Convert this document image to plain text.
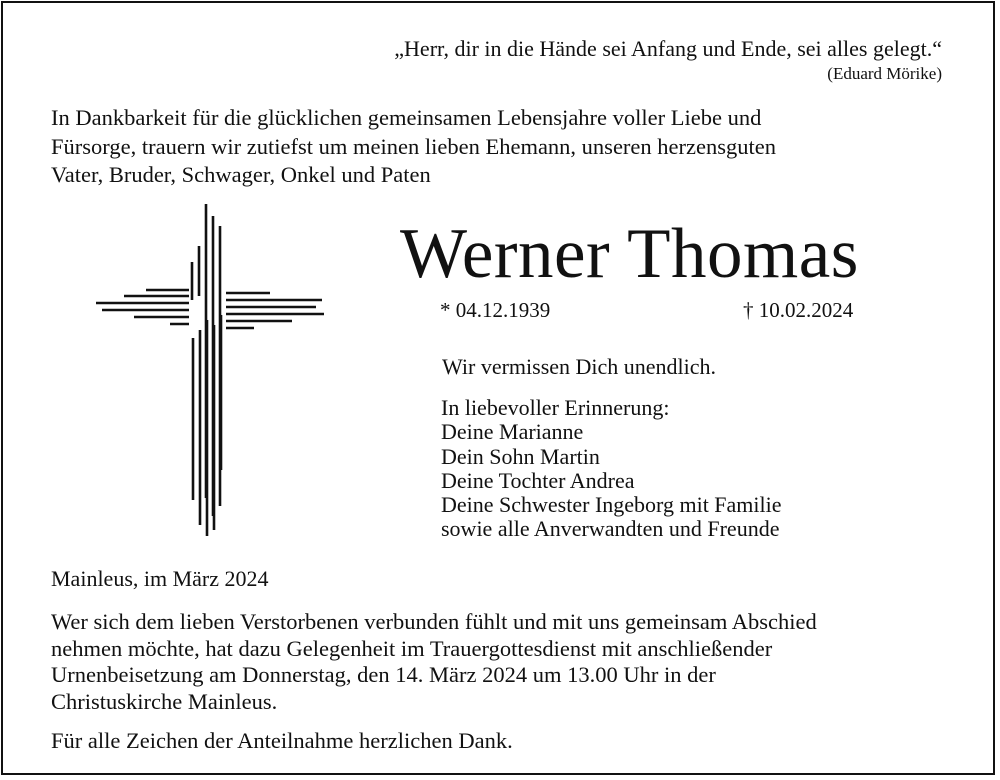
„Herr, dir in die Hände sei Anfang und Ende, sei alles gelegt.“
(Eduard Mörike)
In Dankbarkeit für die glücklichen gemeinsamen Lebensjahre voller Liebe und
Fürsorge, trauern wir zutiefst um meinen lieben Ehemann, unseren herzensguten
Vater, Bruder, Schwager, Onkel und Paten
Werner Thomas
* 04.12.1939	† 10.02.2024
Wir vermissen Dich unendlich.
In liebevoller Erinnerung:
Deine Marianne
Dein Sohn Martin
Deine Tochter Andrea
Deine Schwester Ingeborg mit Familie
sowie alle Anverwandten und Freunde
Mainleus, im März 2024
Wer sich dem lieben Verstorbenen verbunden fühlt und mit uns gemeinsam Abschied
nehmen möchte, hat dazu Gelegenheit im Trauergottesdienst mit anschließender
Urnenbeisetzung am Donnerstag, den 14. März 2024 um 13.00 Uhr in der
Christuskirche Mainleus.
Für alle Zeichen der Anteilnahme herzlichen Dank.
